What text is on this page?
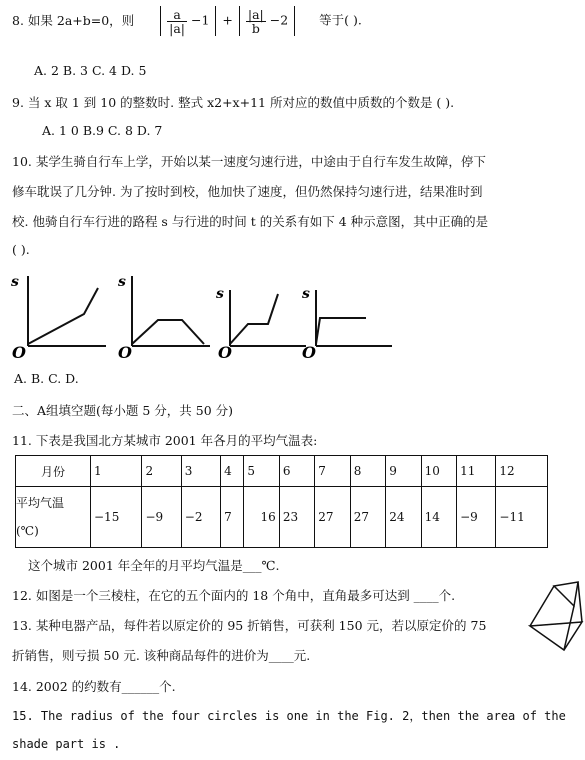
8. 如果 2a+b=0，则	$\frac{a}{|a|} -1 + \frac{|a|}{b} -2$ 等于( ).
A. 2 B. 3 C. 4 D. 5
9. 当 x 取 1 到 10 的整数时. 整式 x2+x+11 所对应的数值中质数的个数是 ( ).
A. 1 0 B.9 C. 8 D. 7
10. 某学生骑自行车上学，开始以某一速度匀速行进，中途由于自行车发生故障，停下
修车耽误了几分钟. 为了按时到校，他加快了速度，但仍然保持匀速行进，结果准时到
校. 他骑自行车行进的路程 s 与行进的时间 t 的关系有如下 4 种示意图，其中正确的是
( ).
s
O
s
O
s
O
s
O
A. B. C. D.
二、A组填空题(每小题 5 分，共 50 分)
11. 下表是我国北方某城市 2001 年各月的平均气温表:
月份	1	2	3	4	5	6	7	8	9	10	11	12

平均气温
(℃)	−15	−9	−2	7	16	23	27	27	24	14	−9	−11
这个城市 2001 年全年的月平均气温是___℃.
12. 如图是一个三棱柱，在它的五个面内的 18 个角中，直角最多可达到 ____个.
13. 某种电器产品，每件若以原定价的 95 折销售，可获利 150 元，若以原定价的 75
折销售，则亏损 50 元. 该种商品每件的进价为____元.
14. 2002 的约数有______个.
15. The radius of the four circles is one in the Fig. 2，then the area of the
shade part is .
